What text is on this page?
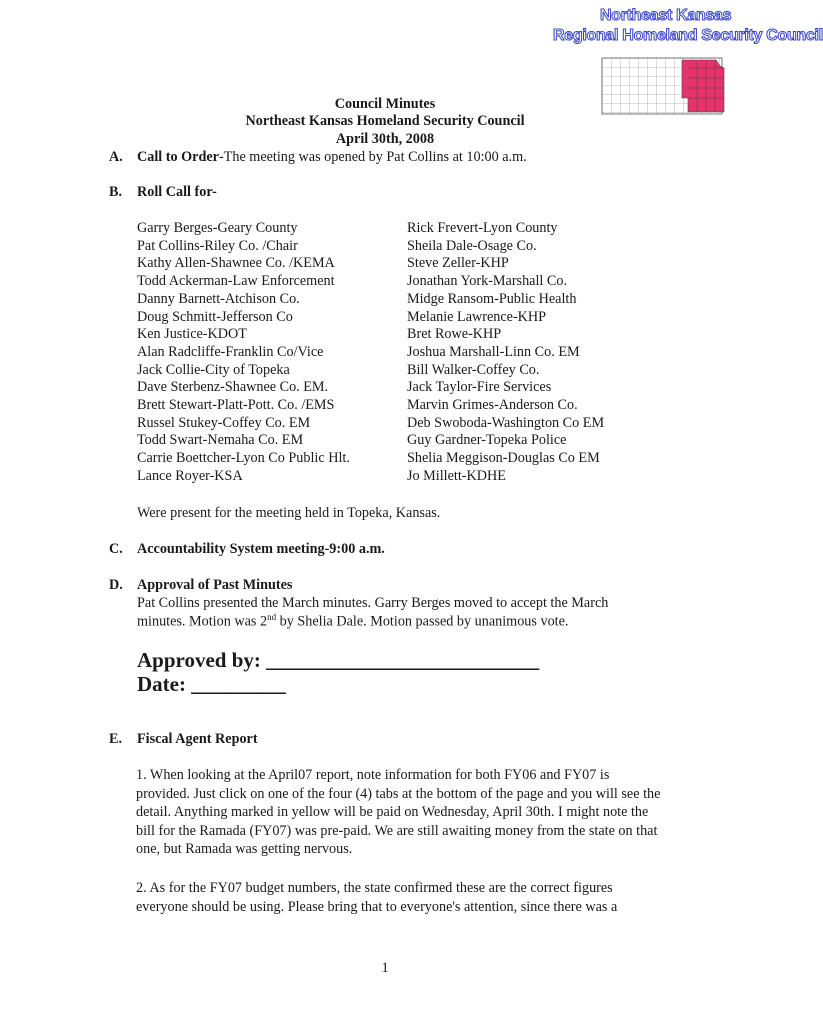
Northeast Kansas
Regional Homeland Security Council
Council Minutes
Northeast Kansas Homeland Security Council
April 30th, 2008
A. Call to Order-The meeting was opened by Pat Collins at 10:00 a.m.
B. Roll Call for-
Garry Berges-Geary County
Pat Collins-Riley Co. /Chair
Kathy Allen-Shawnee Co. /KEMA
Todd Ackerman-Law Enforcement
Danny Barnett-Atchison Co.
Doug Schmitt-Jefferson Co
Ken Justice-KDOT
Alan Radcliffe-Franklin Co/Vice
Jack Collie-City of Topeka
Dave Sterbenz-Shawnee Co. EM.
Brett Stewart-Platt-Pott. Co. /EMS
Russel Stukey-Coffey Co. EM
Todd Swart-Nemaha Co. EM
Carrie Boettcher-Lyon Co Public Hlt.
Lance Royer-KSA
Rick Frevert-Lyon County
Sheila Dale-Osage Co.
Steve Zeller-KHP
Jonathan York-Marshall Co.
Midge Ransom-Public Health
Melanie Lawrence-KHP
Bret Rowe-KHP
Joshua Marshall-Linn Co. EM
Bill Walker-Coffey Co.
Jack Taylor-Fire Services
Marvin Grimes-Anderson Co.
Deb Swoboda-Washington Co EM
Guy Gardner-Topeka Police
Shelia Meggison-Douglas Co EM
Jo Millett-KDHE
Were present for the meeting held in Topeka, Kansas.
C. Accountability System meeting-9:00 a.m.
D. Approval of Past Minutes
Pat Collins presented the March minutes. Garry Berges moved to accept the March
minutes. Motion was 2nd by Shelia Dale. Motion passed by unanimous vote.
Approved by: __________________________
Date: _________
E. Fiscal Agent Report
1. When looking at the April07 report, note information for both FY06 and FY07 is provided. Just click on one of the four (4) tabs at the bottom of the page and you will see the detail. Anything marked in yellow will be paid on Wednesday, April 30th. I might note the bill for the Ramada (FY07) was pre-paid. We are still awaiting money from the state on that one, but Ramada was getting nervous.
2. As for the FY07 budget numbers, the state confirmed these are the correct figures everyone should be using. Please bring that to everyone's attention, since there was a
1
